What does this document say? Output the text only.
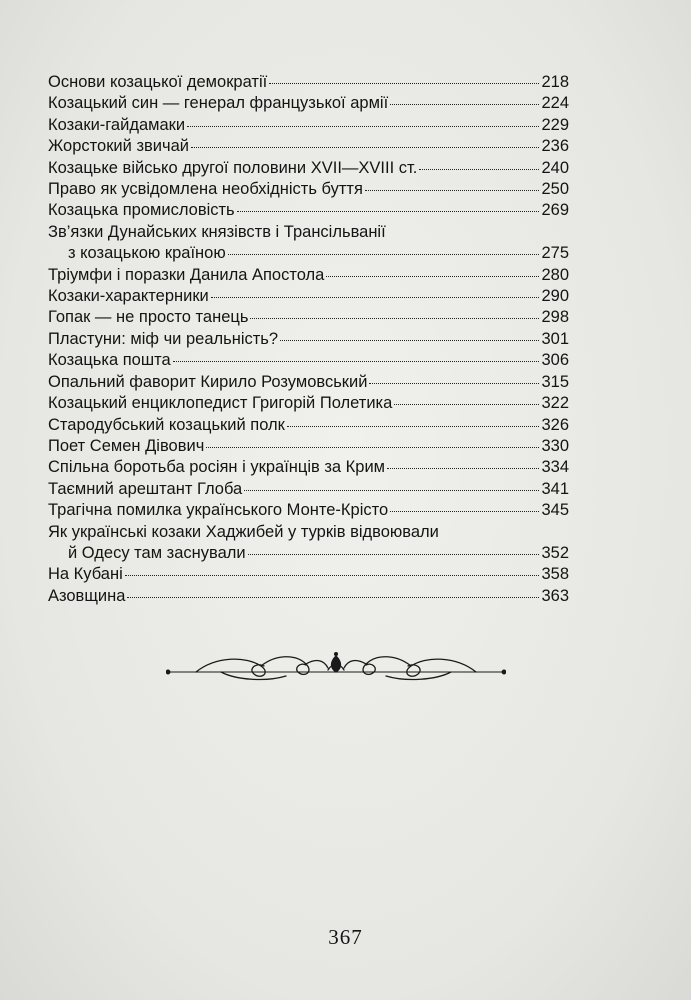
Основи козацької демократії	218
Козацький син — генерал французької армії	224
Козаки-гайдамаки	229
Жорстокий звичай	236
Козацьке військо другої половини XVII—XVIII ст.	240
Право як усвідомлена необхідність буття	250
Козацька промисловість	269
Зв’язки Дунайських князівств і Трансільванії
з козацькою країною	275
Тріумфи і поразки Данила Апостола	280
Козаки-характерники	290
Гопак — не просто танець	298
Пластуни: міф чи реальність?	301
Козацька пошта	306
Опальний фаворит Кирило Розумовський	315
Козацький енциклопедист Григорій Полетика	322
Стародубський козацький полк	326
Поет Семен Дівович	330
Спільна боротьба росіян і українців за Крим	334
Таємний арештант Глоба	341
Трагічна помилка українського Монте-Крісто	345
Як українські козаки Хаджибей у турків відвоювали
й Одесу там заснували	352
На Кубані	358
Азовщина	363
367
